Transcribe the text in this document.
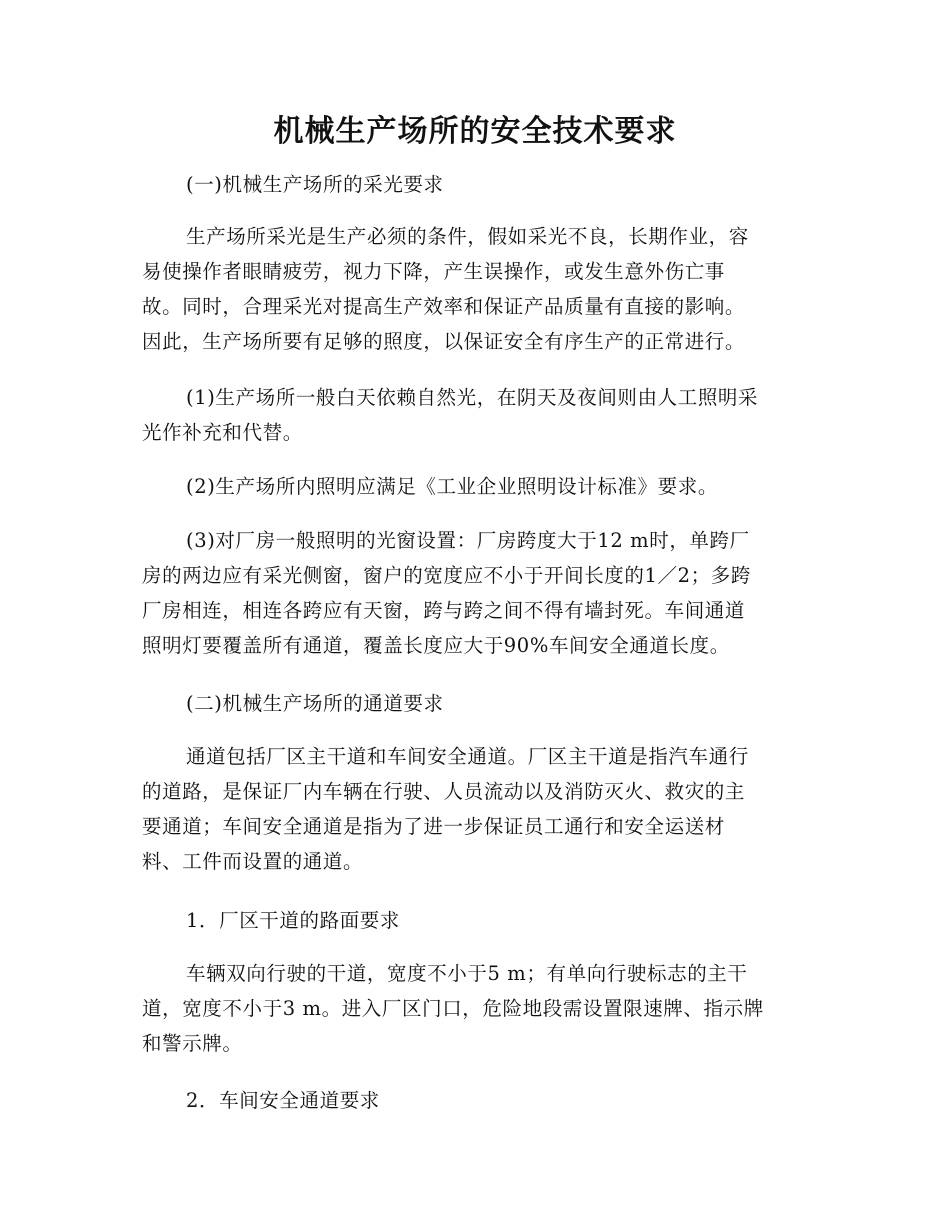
机械生产场所的安全技术要求

(一)机械生产场所的采光要求

生产场所采光是生产必须的条件，假如采光不良，长期作业，容
易使操作者眼睛疲劳，视力下降，产生误操作，或发生意外伤亡事
故。同时，合理采光对提高生产效率和保证产品质量有直接的影响。
因此，生产场所要有足够的照度，以保证安全有序生产的正常进行。
(1)生产场所一般白天依赖自然光，在阴天及夜间则由人工照明采
光作补充和代替。
(2)生产场所内照明应满足《工业企业照明设计标准》要求。
(3)对厂房一般照明的光窗设置：厂房跨度大于12 m时，单跨厂
房的两边应有采光侧窗，窗户的宽度应不小于开间长度的1／2；多跨
厂房相连，相连各跨应有天窗，跨与跨之间不得有墙封死。车间通道
照明灯要覆盖所有通道，覆盖长度应大于90%车间安全通道长度。

(二)机械生产场所的通道要求

通道包括厂区主干道和车间安全通道。厂区主干道是指汽车通行
的道路，是保证厂内车辆在行驶、人员流动以及消防灭火、救灾的主
要通道；车间安全通道是指为了进一步保证员工通行和安全运送材
料、工件而设置的通道。

1．厂区干道的路面要求

车辆双向行驶的干道，宽度不小于5 m；有单向行驶标志的主干
道，宽度不小于3 m。进入厂区门口，危险地段需设置限速牌、指示牌
和警示牌。

2．车间安全通道要求
